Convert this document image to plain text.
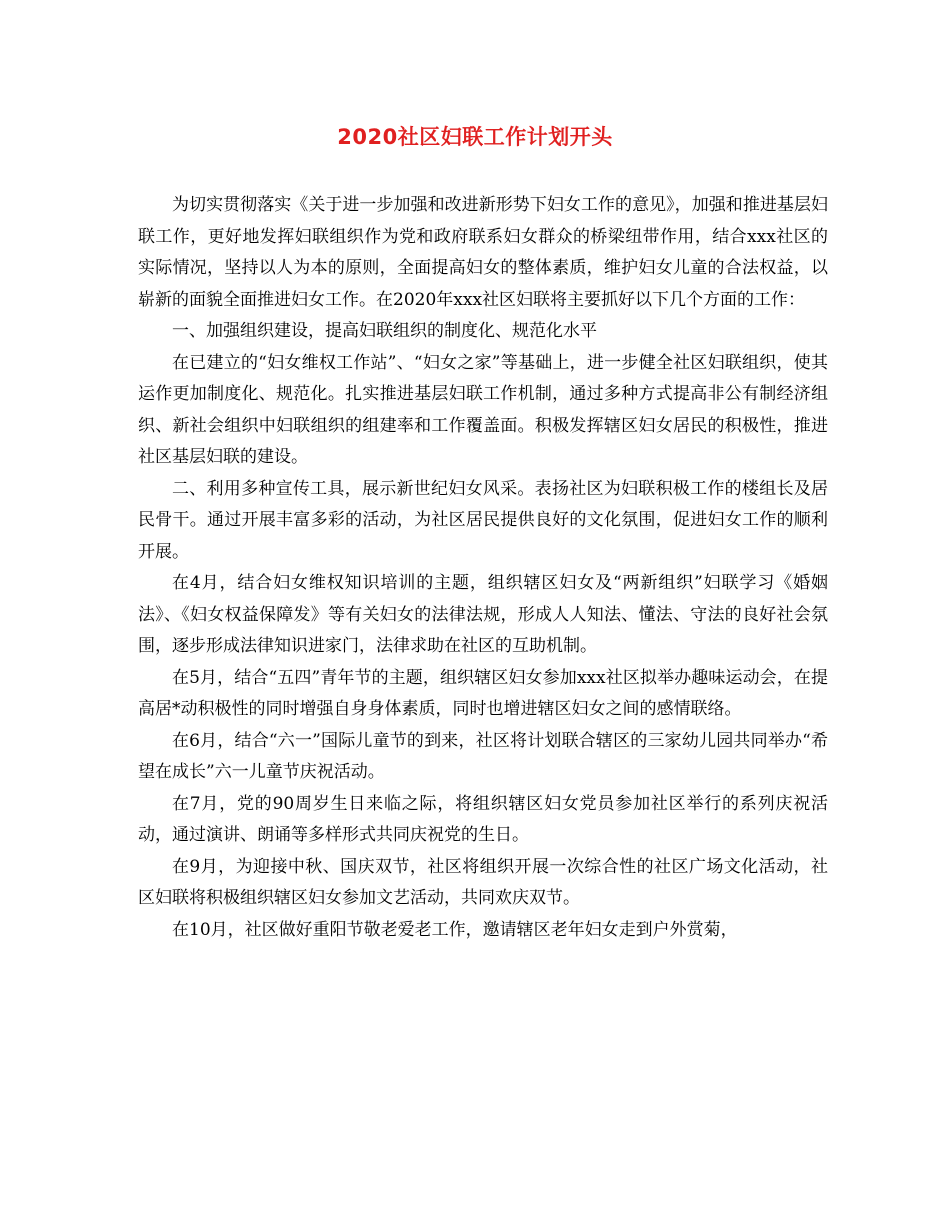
2020社区妇联工作计划开头

为切实贯彻落实《关于进一步加强和改进新形势下妇女工作的意见》，加强和推进基层妇联工作，更好地发挥妇联组织作为党和政府联系妇女群众的桥梁纽带作用，结合xxx社区的实际情况，坚持以人为本的原则，全面提高妇女的整体素质，维护妇女儿童的合法权益，以崭新的面貌全面推进妇女工作。在2020年xxx社区妇联将主要抓好以下几个方面的工作：

一、加强组织建设，提高妇联组织的制度化、规范化水平

在已建立的“妇女维权工作站”、“妇女之家”等基础上，进一步健全社区妇联组织，使其运作更加制度化、规范化。扎实推进基层妇联工作机制，通过多种方式提高非公有制经济组织、新社会组织中妇联组织的组建率和工作覆盖面。积极发挥辖区妇女居民的积极性，推进社区基层妇联的建设。

二、利用多种宣传工具，展示新世纪妇女风采。表扬社区为妇联积极工作的楼组长及居民骨干。通过开展丰富多彩的活动，为社区居民提供良好的文化氛围，促进妇女工作的顺利开展。

在4月，结合妇女维权知识培训的主题，组织辖区妇女及“两新组织”妇联学习《婚姻法》、《妇女权益保障发》等有关妇女的法律法规，形成人人知法、懂法、守法的良好社会氛围，逐步形成法律知识进家门，法律求助在社区的互助机制。

在5月，结合“五四”青年节的主题，组织辖区妇女参加xxx社区拟举办趣味运动会，在提高居*动积极性的同时增强自身身体素质，同时也增进辖区妇女之间的感情联络。

在6月，结合“六一”国际儿童节的到来，社区将计划联合辖区的三家幼儿园共同举办“希望在成长”六一儿童节庆祝活动。

在7月，党的90周岁生日来临之际，将组织辖区妇女党员参加社区举行的系列庆祝活动，通过演讲、朗诵等多样形式共同庆祝党的生日。

在9月，为迎接中秋、国庆双节，社区将组织开展一次综合性的社区广场文化活动，社区妇联将积极组织辖区妇女参加文艺活动，共同欢庆双节。

在10月，社区做好重阳节敬老爱老工作，邀请辖区老年妇女走到户外赏菊，
